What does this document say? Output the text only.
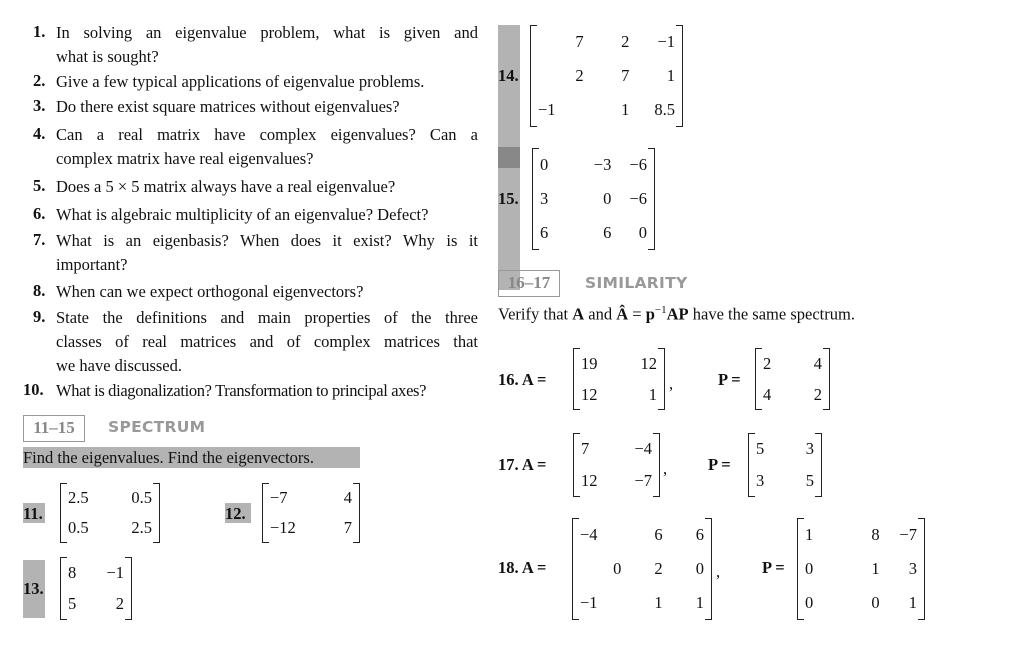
1. In solving an eigenvalue problem, what is given and
what is sought?
2. Give a few typical applications of eigenvalue problems.
3. Do there exist square matrices without eigenvalues?
4. Can a real matrix have complex eigenvalues? Can a
complex matrix have real eigenvalues?
5. Does a 5 × 5 matrix always have a real eigenvalue?
6. What is algebraic multiplicity of an eigenvalue? Defect?
7. What is an eigenbasis? When does it exist? Why is it
important?
8. When can we expect orthogonal eigenvectors?
9. State the definitions and main properties of the three
classes of real matrices and of complex matrices that
we have discussed.
10. What is diagonalization? Transformation to principal axes?
11–15	SPECTRUM
Find the eigenvalues. Find the eigenvectors.
11.
2.5	0.5
0.5	2.5
12.
−7	4
−12	7
13.
8	−1
5	2
14.
7	2	−1
2	7	1
−1	1	8.5
15.
0	−3	−6
3	0	−6
6	6	0
16–17	SIMILARITY
Verify that A and Â = $p^{-1}AP$ have the same spectrum.
16. A =
19	12
12	1
,	P =
2	4
4	2
17. A =
7	−4
12	−7
, P =
5	3
3	5
18. A =
−4	6	6
0	2	0
−1	1	1
,	P =
1	8	−7
0	1	3
0	0	1
